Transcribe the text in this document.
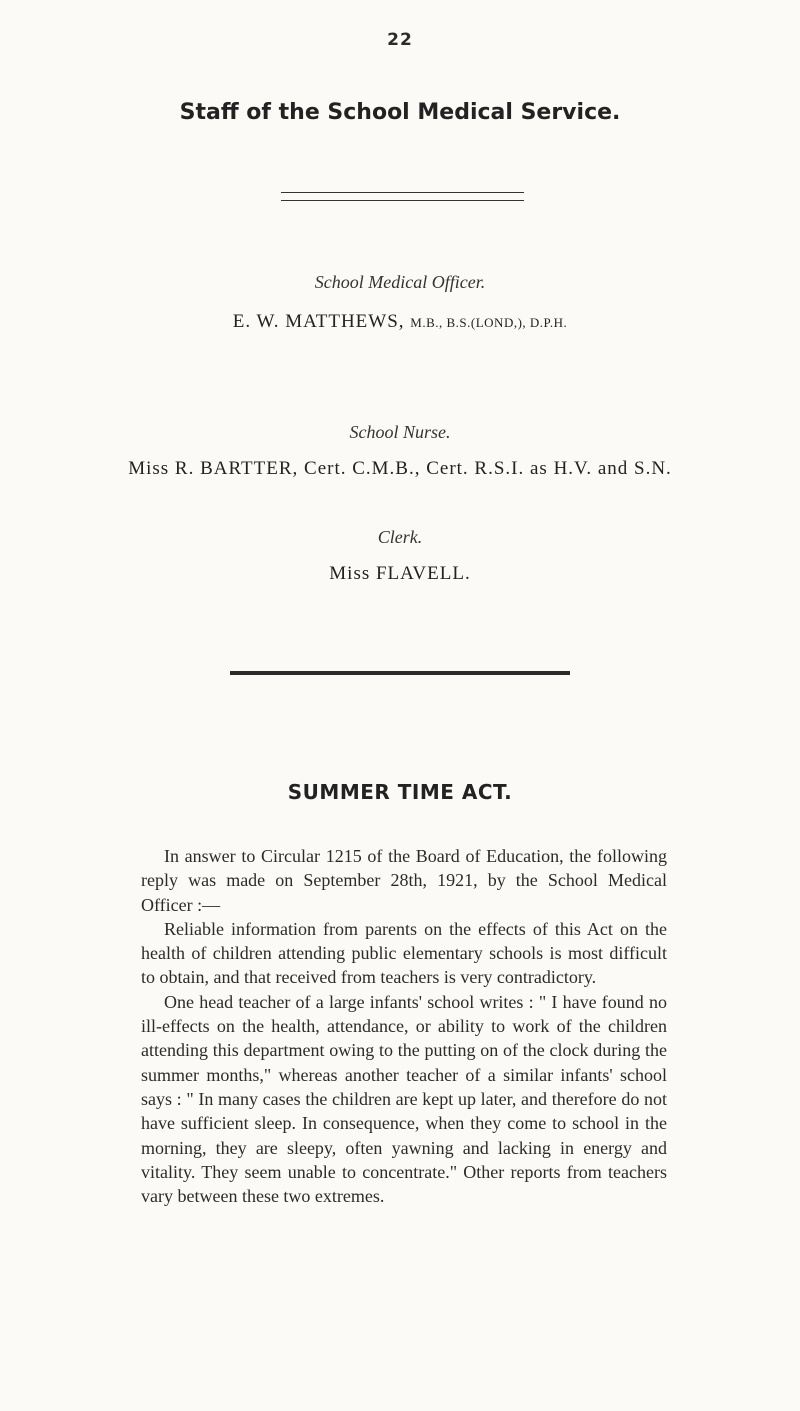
22
Staff of the School Medical Service.
School Medical Officer.
E. W. MATTHEWS, M.B., B.S.(LOND,), D.P.H.
School Nurse.
Miss R. BARTTER, Cert. C.M.B., Cert. R.S.I. as H.V. and S.N.
Clerk.
Miss FLAVELL.
SUMMER TIME ACT.

In answer to Circular 1215 of the Board of Education, the following reply was made on September 28th, 1921, by the School Medical Officer :—

Reliable information from parents on the effects of this Act on the health of children attending public elementary schools is most difficult to obtain, and that received from teachers is very contradictory.

One head teacher of a large infants' school writes : " I have found no ill-effects on the health, attendance, or ability to work of the children attending this department owing to the putting on of the clock during the summer months," whereas another teacher of a similar infants' school says : " In many cases the children are kept up later, and therefore do not have sufficient sleep. In consequence, when they come to school in the morning, they are sleepy, often yawning and lacking in energy and vitality. They seem unable to concentrate." Other reports from teachers vary between these two extremes.
